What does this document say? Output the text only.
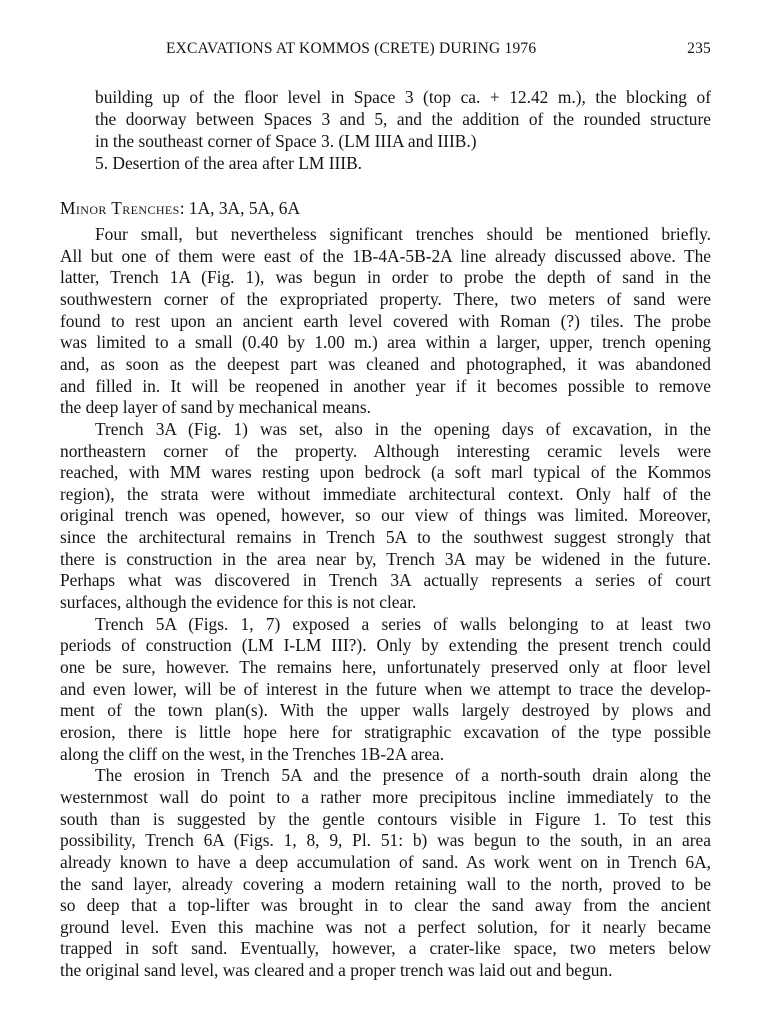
EXCAVATIONS AT KOMMOS (CRETE) DURING 1976	235
building up of the floor level in Space 3 (top ca. + 12.42 m.), the blocking of
the doorway between Spaces 3 and 5, and the addition of the rounded structure
in the southeast corner of Space 3. (LM IIIA and IIIB.)
5. Desertion of the area after LM IIIB.
Minor Trenches: 1A, 3A, 5A, 6A
Four small, but nevertheless significant trenches should be mentioned briefly.
All but one of them were east of the 1B-4A-5B-2A line already discussed above. The
latter, Trench 1A (Fig. 1), was begun in order to probe the depth of sand in the
southwestern corner of the expropriated property. There, two meters of sand were
found to rest upon an ancient earth level covered with Roman (?) tiles. The probe
was limited to a small (0.40 by 1.00 m.) area within a larger, upper, trench opening
and, as soon as the deepest part was cleaned and photographed, it was abandoned
and filled in. It will be reopened in another year if it becomes possible to remove
the deep layer of sand by mechanical means.
Trench 3A (Fig. 1) was set, also in the opening days of excavation, in the
northeastern corner of the property. Although interesting ceramic levels were
reached, with MM wares resting upon bedrock (a soft marl typical of the Kommos
region), the strata were without immediate architectural context. Only half of the
original trench was opened, however, so our view of things was limited. Moreover,
since the architectural remains in Trench 5A to the southwest suggest strongly that
there is construction in the area near by, Trench 3A may be widened in the future.
Perhaps what was discovered in Trench 3A actually represents a series of court
surfaces, although the evidence for this is not clear.
Trench 5A (Figs. 1, 7) exposed a series of walls belonging to at least two
periods of construction (LM I-LM III?). Only by extending the present trench could
one be sure, however. The remains here, unfortunately preserved only at floor level
and even lower, will be of interest in the future when we attempt to trace the develop-
ment of the town plan(s). With the upper walls largely destroyed by plows and
erosion, there is little hope here for stratigraphic excavation of the type possible
along the cliff on the west, in the Trenches 1B-2A area.
The erosion in Trench 5A and the presence of a north-south drain along the
westernmost wall do point to a rather more precipitous incline immediately to the
south than is suggested by the gentle contours visible in Figure 1. To test this
possibility, Trench 6A (Figs. 1, 8, 9, Pl. 51: b) was begun to the south, in an area
already known to have a deep accumulation of sand. As work went on in Trench 6A,
the sand layer, already covering a modern retaining wall to the north, proved to be
so deep that a top-lifter was brought in to clear the sand away from the ancient
ground level. Even this machine was not a perfect solution, for it nearly became
trapped in soft sand. Eventually, however, a crater-like space, two meters below
the original sand level, was cleared and a proper trench was laid out and begun.
